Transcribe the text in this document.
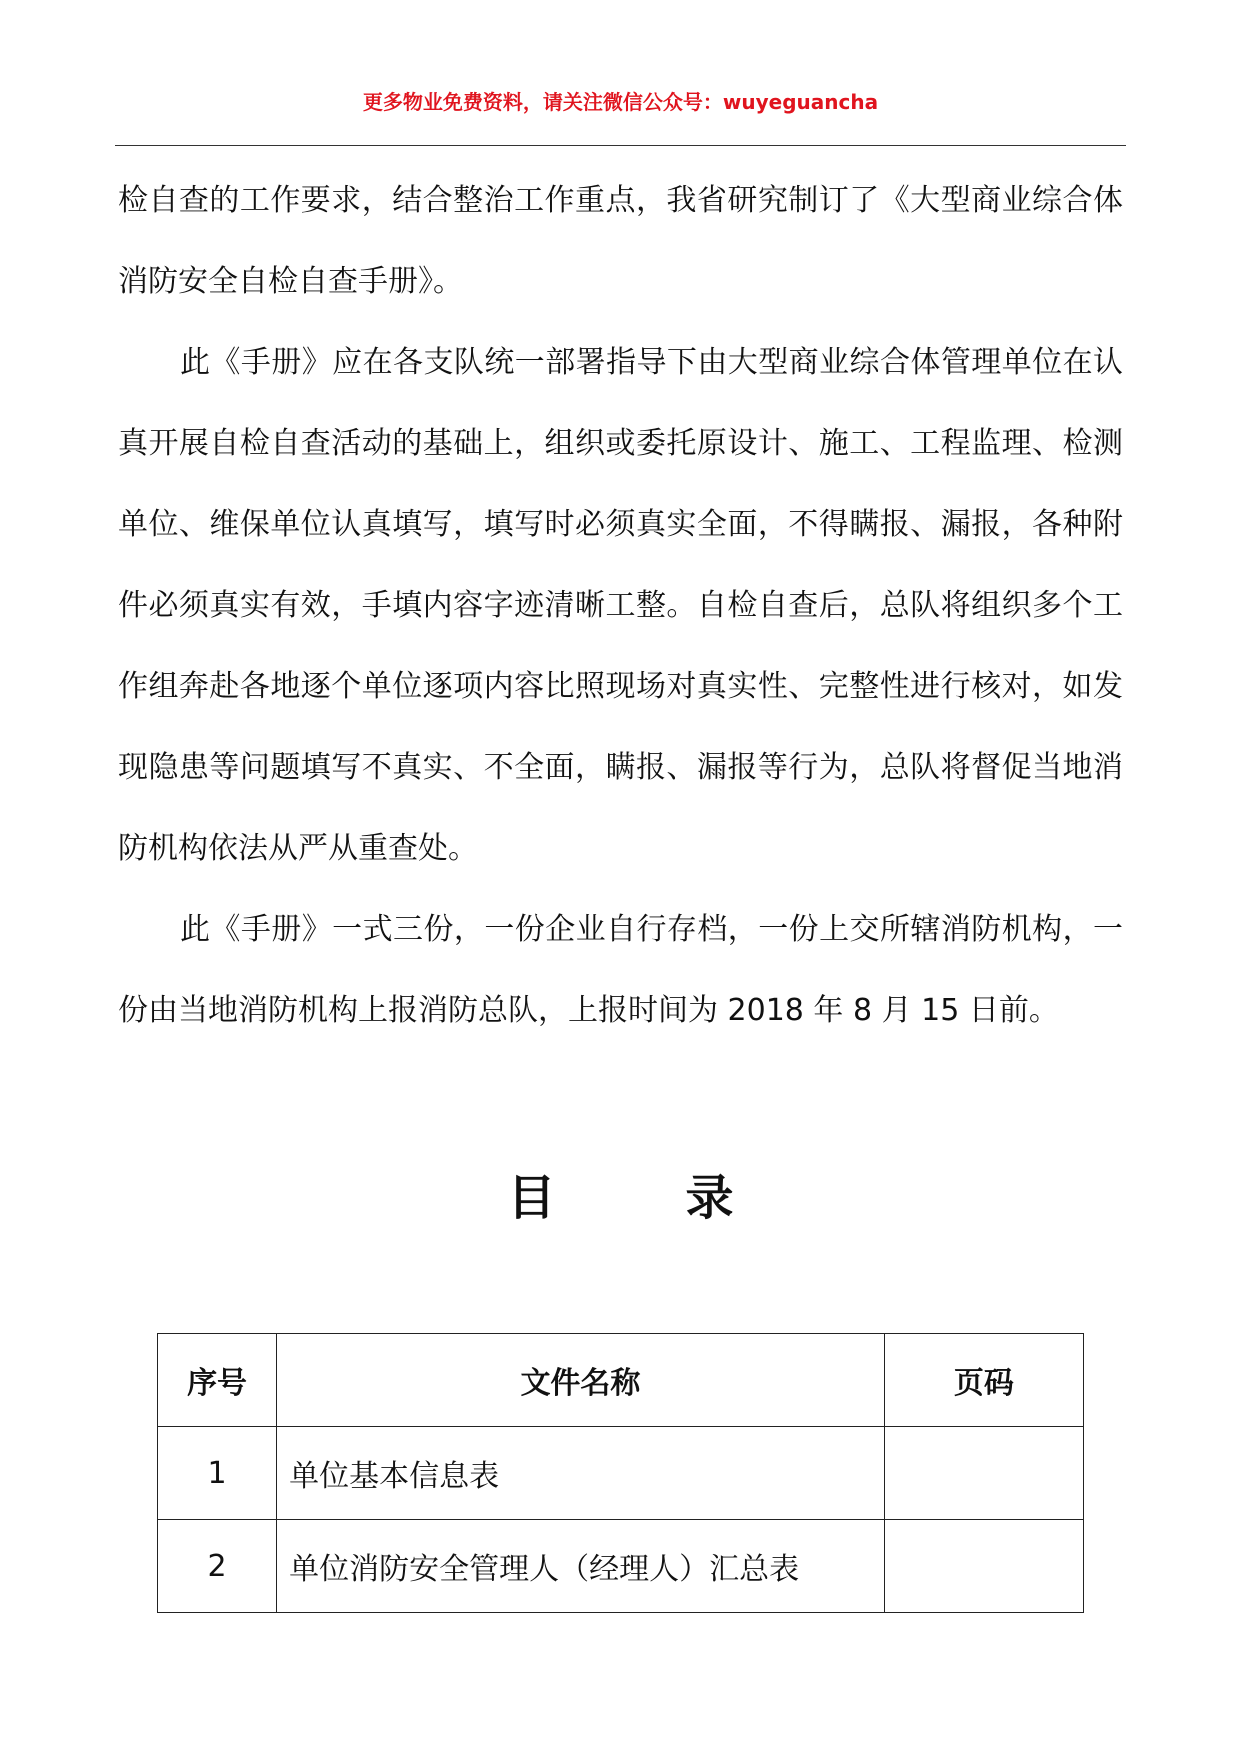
更多物业免费资料，请关注微信公众号：wuyeguancha

检自查的工作要求，结合整治工作重点，我省研究制订了《大型商业综合体消防安全自检自查手册》。

此《手册》应在各支队统一部署指导下由大型商业综合体管理单位在认真开展自检自查活动的基础上，组织或委托原设计、施工、工程监理、检测单位、维保单位认真填写，填写时必须真实全面，不得瞒报、漏报，各种附件必须真实有效，手填内容字迹清晰工整。自检自查后，总队将组织多个工作组奔赴各地逐个单位逐项内容比照现场对真实性、完整性进行核对，如发现隐患等问题填写不真实、不全面，瞒报、漏报等行为，总队将督促当地消防机构依法从严从重查处。

此《手册》一式三份，一份企业自行存档，一份上交所辖消防机构，一份由当地消防机构上报消防总队，上报时间为 2018 年 8 月 15 日前。

目录
序号	文件名称	页码
1	单位基本信息表	
2	单位消防安全管理人（经理人）汇总表	
